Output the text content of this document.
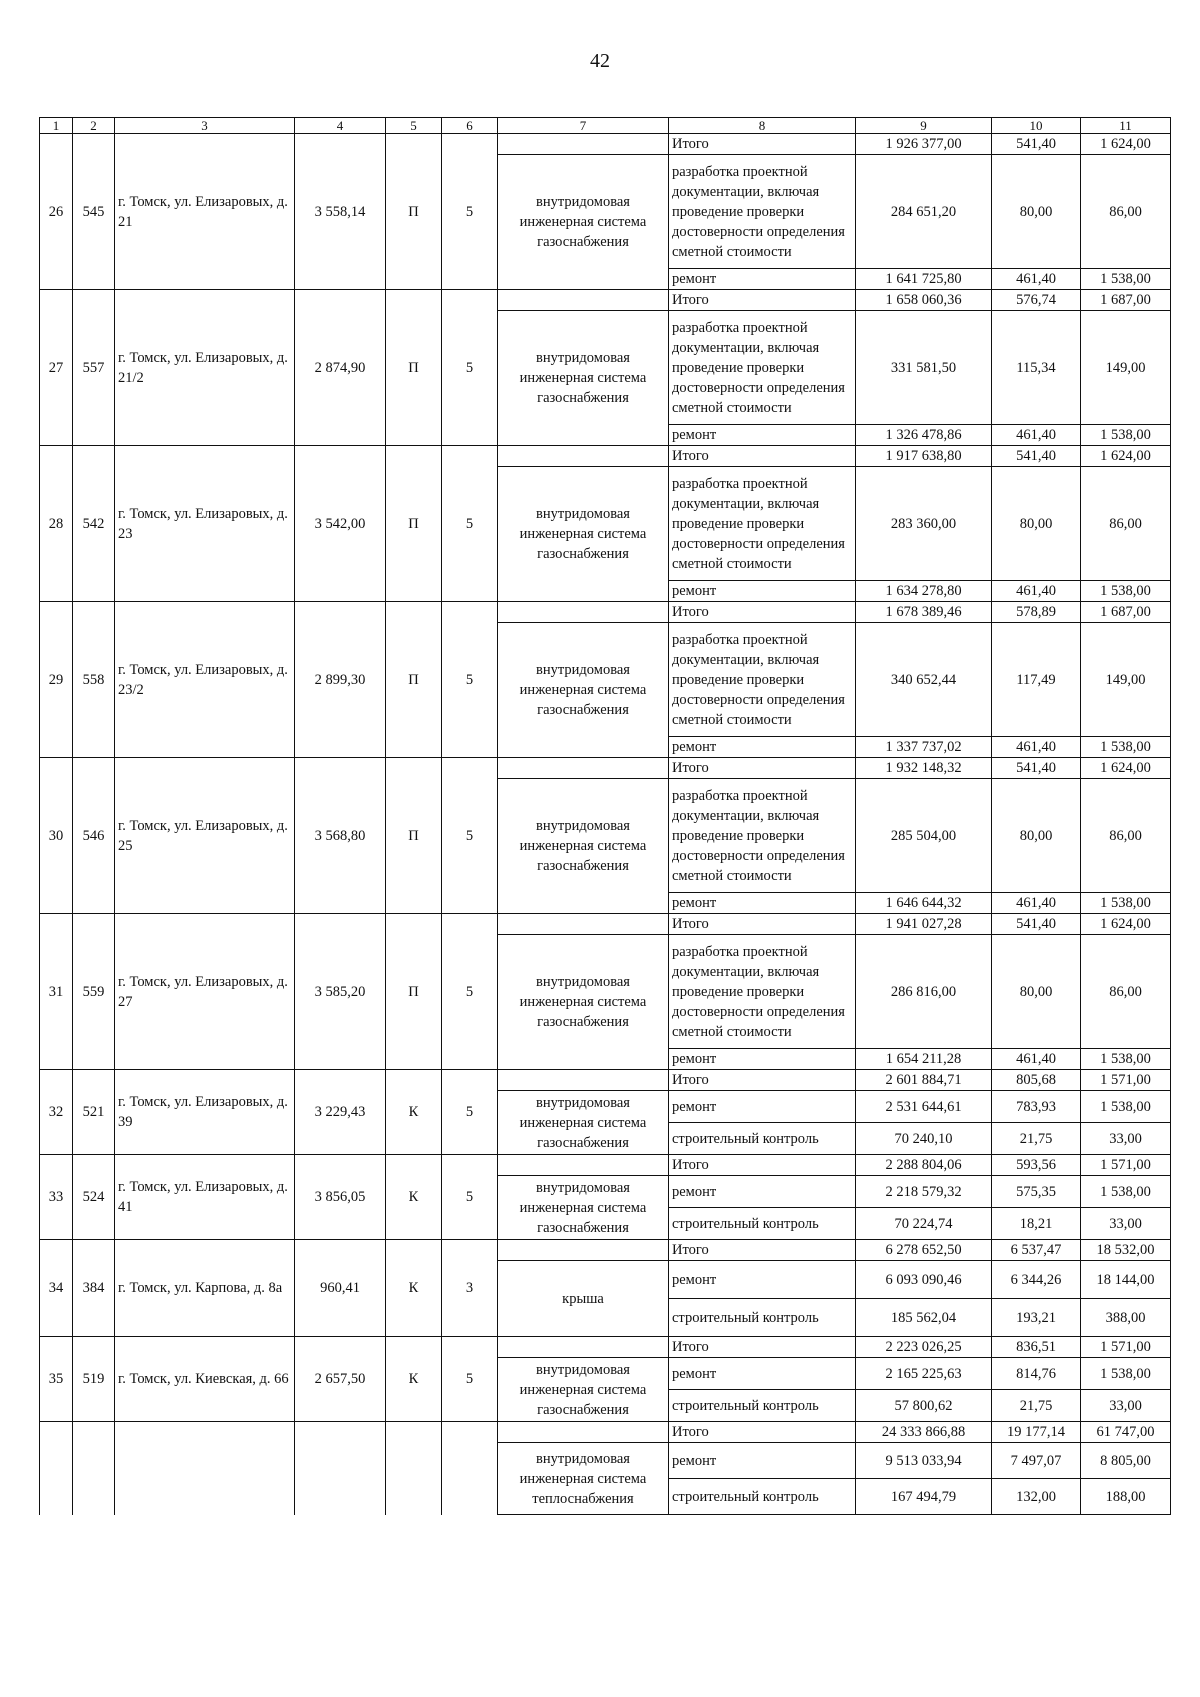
42
1	2	3	4	5	6	7	8	9	10	11
26	545	г. Томск, ул. Елизаровых, д. 21	3 558,14	П	5		Итого	1 926 377,00	541,40	1 624,00
						внутридомовая инженерная система газоснабжения	разработка проектной документации, включая проведение проверки достоверности определения сметной стоимости	284 651,20	80,00	86,00
							ремонт	1 641 725,80	461,40	1 538,00
27	557	г. Томск, ул. Елизаровых, д. 21/2	2 874,90	П	5		Итого	1 658 060,36	576,74	1 687,00
						внутридомовая инженерная система газоснабжения	разработка проектной документации, включая проведение проверки достоверности определения сметной стоимости	331 581,50	115,34	149,00
							ремонт	1 326 478,86	461,40	1 538,00
28	542	г. Томск, ул. Елизаровых, д. 23	3 542,00	П	5		Итого	1 917 638,80	541,40	1 624,00
						внутридомовая инженерная система газоснабжения	разработка проектной документации, включая проведение проверки достоверности определения сметной стоимости	283 360,00	80,00	86,00
							ремонт	1 634 278,80	461,40	1 538,00
29	558	г. Томск, ул. Елизаровых, д. 23/2	2 899,30	П	5		Итого	1 678 389,46	578,89	1 687,00
						внутридомовая инженерная система газоснабжения	разработка проектной документации, включая проведение проверки достоверности определения сметной стоимости	340 652,44	117,49	149,00
							ремонт	1 337 737,02	461,40	1 538,00
30	546	г. Томск, ул. Елизаровых, д. 25	3 568,80	П	5		Итого	1 932 148,32	541,40	1 624,00
						внутридомовая инженерная система газоснабжения	разработка проектной документации, включая проведение проверки достоверности определения сметной стоимости	285 504,00	80,00	86,00
							ремонт	1 646 644,32	461,40	1 538,00
31	559	г. Томск, ул. Елизаровых, д. 27	3 585,20	П	5		Итого	1 941 027,28	541,40	1 624,00
						внутридомовая инженерная система газоснабжения	разработка проектной документации, включая проведение проверки достоверности определения сметной стоимости	286 816,00	80,00	86,00
							ремонт	1 654 211,28	461,40	1 538,00
32	521	г. Томск, ул. Елизаровых, д. 39	3 229,43	К	5		Итого	2 601 884,71	805,68	1 571,00
						внутридомовая инженерная система газоснабжения	ремонт	2 531 644,61	783,93	1 538,00
							строительный контроль	70 240,10	21,75	33,00
33	524	г. Томск, ул. Елизаровых, д. 41	3 856,05	К	5		Итого	2 288 804,06	593,56	1 571,00
						внутридомовая инженерная система газоснабжения	ремонт	2 218 579,32	575,35	1 538,00
							строительный контроль	70 224,74	18,21	33,00
34	384	г. Томск, ул. Карпова, д. 8а	960,41	К	3		Итого	6 278 652,50	6 537,47	18 532,00
						крыша	ремонт	6 093 090,46	6 344,26	18 144,00
							строительный контроль	185 562,04	193,21	388,00
35	519	г. Томск, ул. Киевская, д. 66	2 657,50	К	5		Итого	2 223 026,25	836,51	1 571,00
						внутридомовая инженерная система газоснабжения	ремонт	2 165 225,63	814,76	1 538,00
							строительный контроль	57 800,62	21,75	33,00
							Итого	24 333 866,88	19 177,14	61 747,00
						внутридомовая инженерная система теплоснабжения	ремонт	9 513 033,94	7 497,07	8 805,00
							строительный контроль	167 494,79	132,00	188,00
